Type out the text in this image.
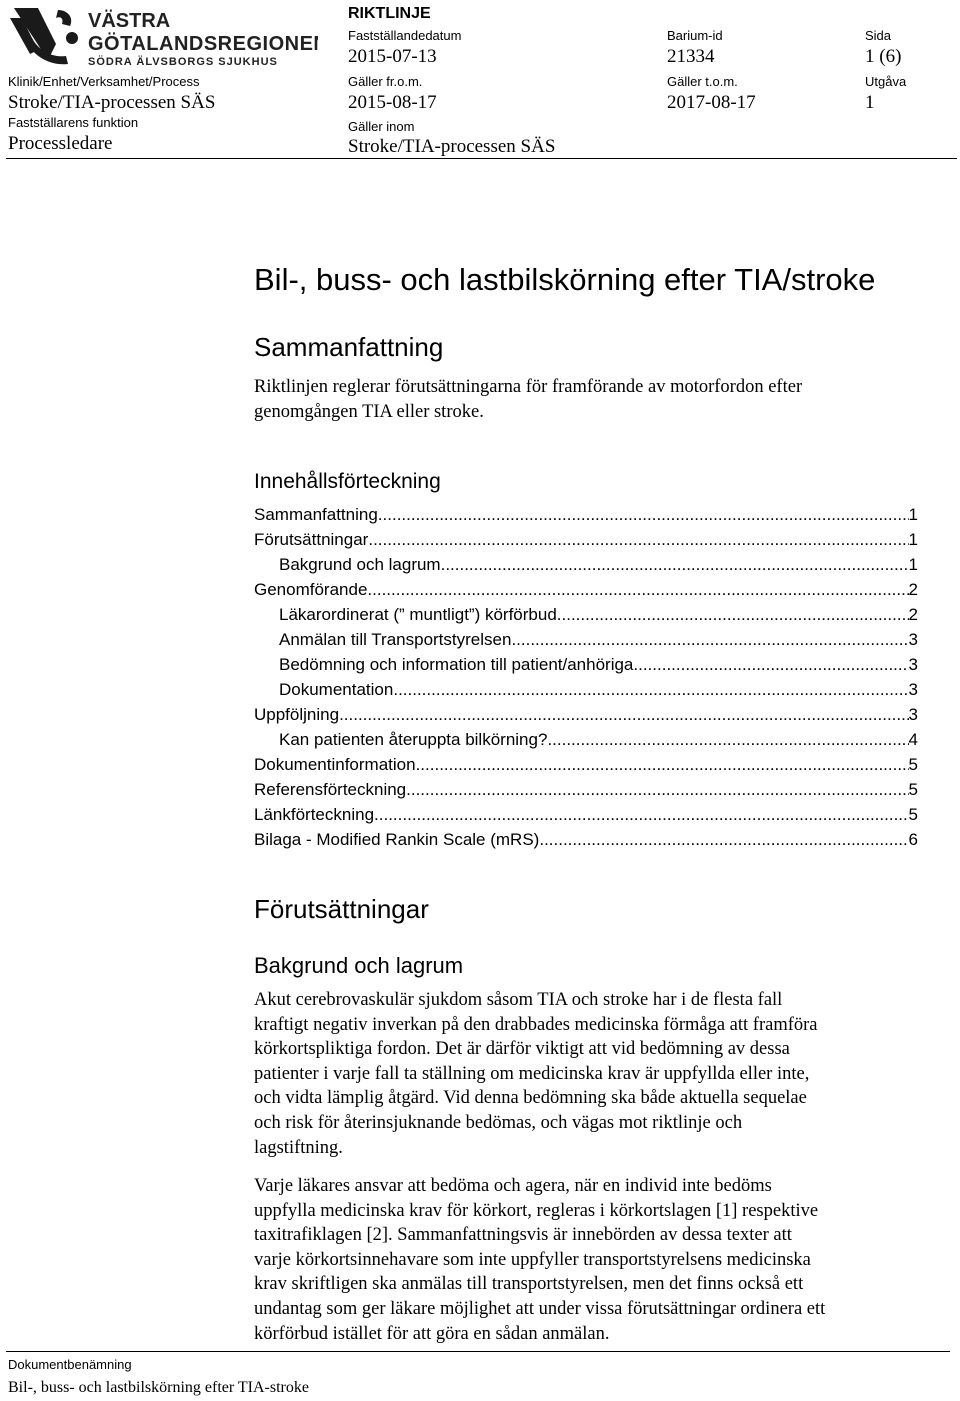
VÄSTRA
GÖTALANDSREGIONEN
SÖDRA ÄLVSBORGS SJUKHUS
Klinik/Enhet/Verksamhet/Process
Stroke/TIA-processen SÄS
Fastställarens funktion
Processledare
RIKTLINJE
Fastställandedatum
2015-07-13
Gäller fr.o.m.
2015-08-17
Gäller inom
Stroke/TIA-processen SÄS
Barium-id
21334
Gäller t.o.m.
2017-08-17
Sida
1 (6)
Utgåva
1
Bil-, buss- och lastbilskörning efter TIA/stroke
Sammanfattning
Riktlinjen reglerar förutsättningarna för framförande av motorfordon efter genomgången TIA eller stroke.
Innehållsförteckning
Sammanfattning .....	1
Förutsättningar .....	1
Bakgrund och lagrum .....	1
Genomförande .....	2
Läkarordinerat (” muntligt”) körförbud .....	2
Anmälan till Transportstyrelsen .....	3
Bedömning och information till patient/anhöriga .....	3
Dokumentation .....	3
Uppföljning .....	3
Kan patienten återuppta bilkörning? .....	4
Dokumentinformation .....	5
Referensförteckning .....	5
Länkförteckning .....	5
Bilaga - Modified Rankin Scale (mRS) .....	6
Förutsättningar
Bakgrund och lagrum
Akut cerebrovaskulär sjukdom såsom TIA och stroke har i de flesta fall
kraftigt negativ inverkan på den drabbades medicinska förmåga att framföra
körkortspliktiga fordon. Det är därför viktigt att vid bedömning av dessa
patienter i varje fall ta ställning om medicinska krav är uppfyllda eller inte,
och vidta lämplig åtgärd. Vid denna bedömning ska både aktuella sequelae
och risk för återinsjuknande bedömas, och vägas mot riktlinje och
lagstiftning.
Varje läkares ansvar att bedöma och agera, när en individ inte bedöms
uppfylla medicinska krav för körkort, regleras i körkortslagen [1] respektive
taxitrafiklagen [2]. Sammanfattningsvis är innebörden av dessa texter att
varje körkortsinnehavare som inte uppfyller transportstyrelsens medicinska
krav skriftligen ska anmälas till transportstyrelsen, men det finns också ett
undantag som ger läkare möjlighet att under vissa förutsättningar ordinera ett
körförbud istället för att göra en sådan anmälan.
Dokumentbenämning
Bil-, buss- och lastbilskörning efter TIA-stroke
